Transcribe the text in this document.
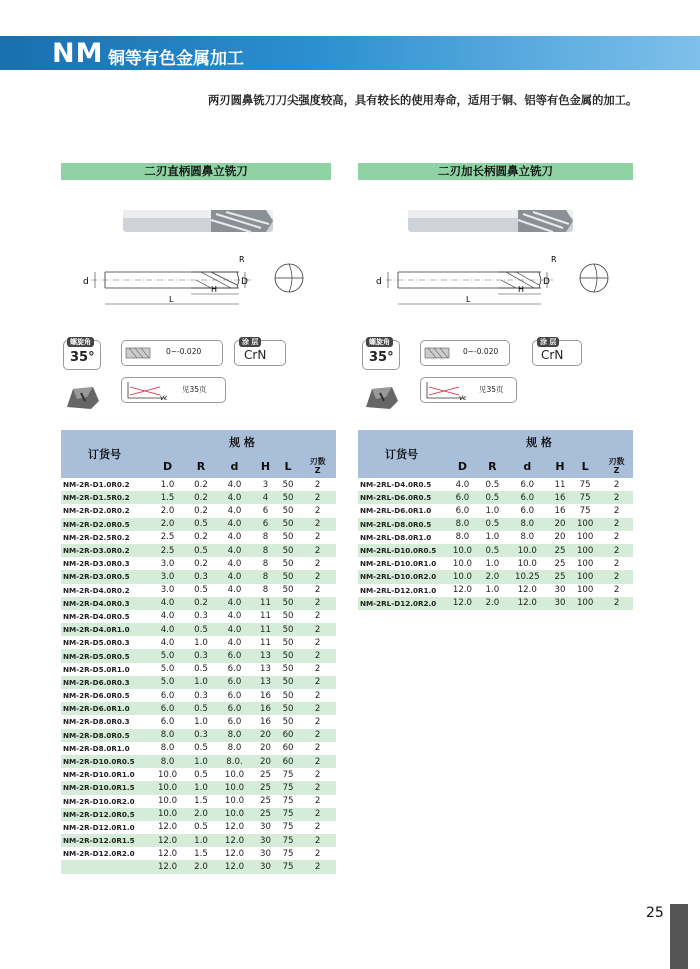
NM 铜等有色金属加工
两刃圆鼻铣刀刀尖强度较高，具有较长的使用寿命，适用于铜、铝等有色金属的加工。
二刃直柄圆鼻立铣刀	二刃加长柄圆鼻立铣刀
d	D
R
H
L
螺旋角
35°	0~-0.020
涂 层
CrN
Vc
见35页
d	D
R
H
L
螺旋角
35°	0~-0.020
涂 层
CrN
Vc
见35页
订货号	规 格					
	D	R	d	H	L	刃数
Z
NM-2R-D1.0R0.2	1.0	0.2	4.0	3	50	2
NM-2R-D1.5R0.2	1.5	0.2	4.0	4	50	2
NM-2R-D2.0R0.2	2.0	0.2	4.0	6	50	2
NM-2R-D2.0R0.5	2.0	0.5	4.0	6	50	2
NM-2R-D2.5R0.2	2.5	0.2	4.0	8	50	2
NM-2R-D3.0R0.2	2.5	0.5	4.0	8	50	2
NM-2R-D3.0R0.3	3.0	0.2	4.0	8	50	2
NM-2R-D3.0R0.5	3.0	0.3	4.0	8	50	2
NM-2R-D4.0R0.2	3.0	0.5	4.0	8	50	2
NM-2R-D4.0R0.3	4.0	0.2	4.0	11	50	2
NM-2R-D4.0R0.5	4.0	0.3	4.0	11	50	2
NM-2R-D4.0R1.0	4.0	0.5	4.0	11	50	2
NM-2R-D5.0R0.3	4.0	1.0	4.0	11	50	2
NM-2R-D5.0R0.5	5.0	0.3	6.0	13	50	2
NM-2R-D5.0R1.0	5.0	0.5	6.0	13	50	2
NM-2R-D6.0R0.3	5.0	1.0	6.0	13	50	2
NM-2R-D6.0R0.5	6.0	0.3	6.0	16	50	2
NM-2R-D6.0R1.0	6.0	0.5	6.0	16	50	2
NM-2R-D8.0R0.3	6.0	1.0	6.0	16	50	2
NM-2R-D8.0R0.5	8.0	0.3	8.0	20	60	2
NM-2R-D8.0R1.0	8.0	0.5	8.0	20	60	2
NM-2R-D10.0R0.5	8.0	1.0	8.0.	20	60	2
NM-2R-D10.0R1.0	10.0	0.5	10.0	25	75	2
NM-2R-D10.0R1.5	10.0	1.0	10.0	25	75	2
NM-2R-D10.0R2.0	10.0	1.5	10.0	25	75	2
NM-2R-D12.0R0.5	10.0	2.0	10.0	25	75	2
NM-2R-D12.0R1.0	12.0	0.5	12.0	30	75	2
NM-2R-D12.0R1.5	12.0	1.0	12.0	30	75	2
NM-2R-D12.0R2.0	12.0	1.5	12.0	30	75	2
	12.0	2.0	12.0	30	75	2
订货号	规 格					
	D	R	d	H	L	刃数
Z
NM-2RL-D4.0R0.5	4.0	0.5	6.0	11	75	2
NM-2RL-D6.0R0.5	6.0	0.5	6.0	16	75	2
NM-2RL-D6.0R1.0	6.0	1.0	6.0	16	75	2
NM-2RL-D8.0R0.5	8.0	0.5	8.0	20	100	2
NM-2RL-D8.0R1.0	8.0	1.0	8.0	20	100	2
NM-2RL-D10.0R0.5	10.0	0.5	10.0	25	100	2
NM-2RL-D10.0R1.0	10.0	1.0	10.0	25	100	2
NM-2RL-D10.0R2.0	10.0	2.0	10.25	25	100	2
NM-2RL-D12.0R1.0	12.0	1.0	12.0	30	100	2
NM-2RL-D12.0R2.0	12.0	2.0	12.0	30	100	2
25
